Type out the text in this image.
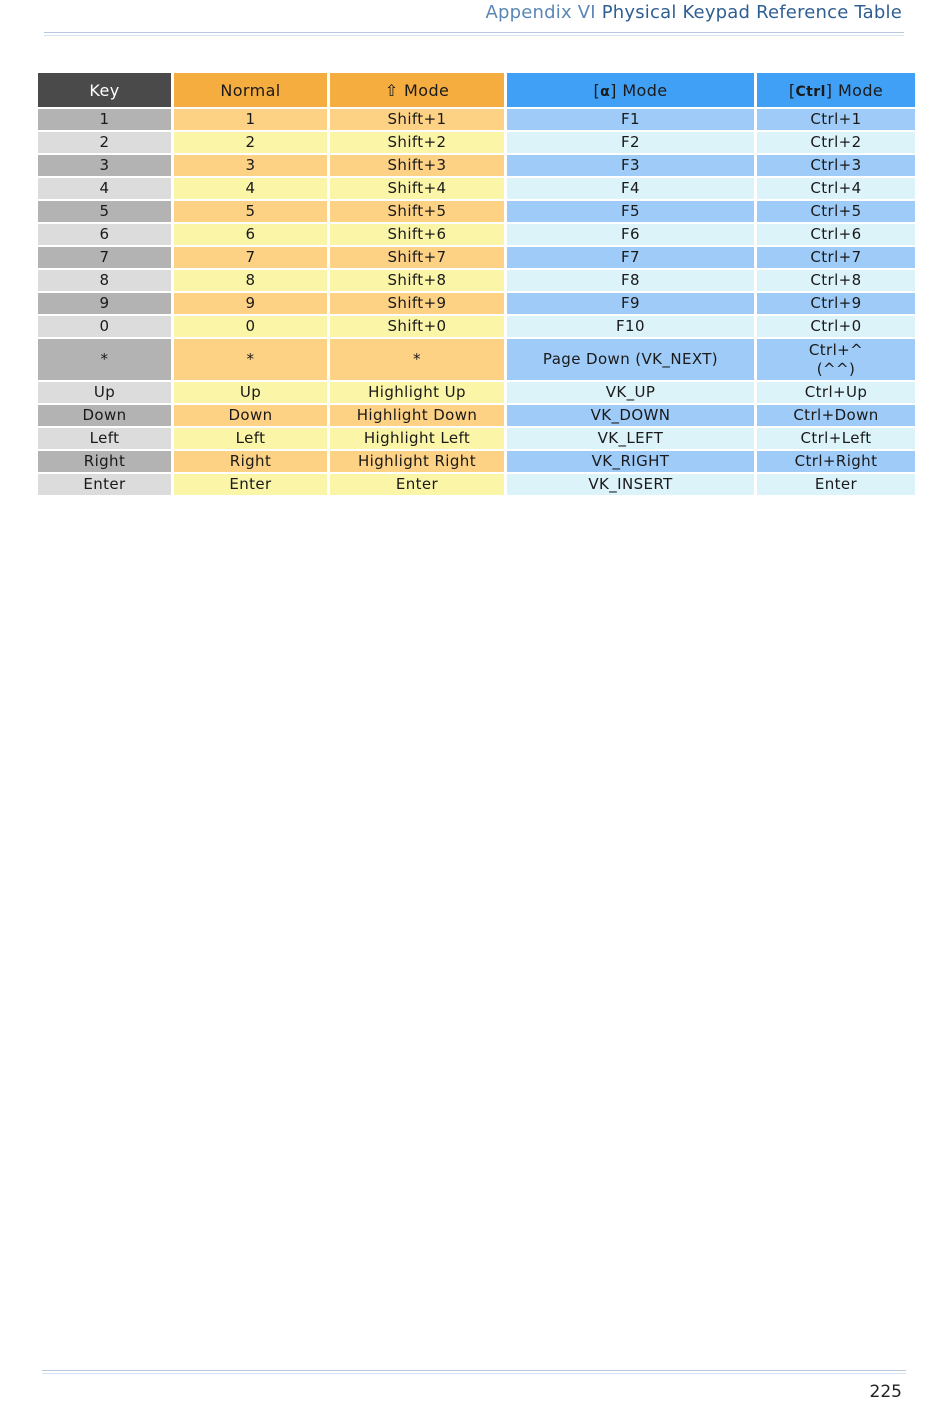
Appendix VI Physical Keypad Reference Table
Key	Normal	⇧ Mode	[α] Mode	[Ctrl] Mode
1	1	Shift+1	F1	Ctrl+1
2	2	Shift+2	F2	Ctrl+2
3	3	Shift+3	F3	Ctrl+3
4	4	Shift+4	F4	Ctrl+4
5	5	Shift+5	F5	Ctrl+5
6	6	Shift+6	F6	Ctrl+6
7	7	Shift+7	F7	Ctrl+7
8	8	Shift+8	F8	Ctrl+8
9	9	Shift+9	F9	Ctrl+9
0	0	Shift+0	F10	Ctrl+0
*	*	*	Page Down (VK_NEXT)	Ctrl+^
(^^)

Up	Up	Highlight Up	VK_UP	Ctrl+Up
Down	Down	Highlight Down	VK_DOWN	Ctrl+Down
Left	Left	Highlight Left	VK_LEFT	Ctrl+Left
Right	Right	Highlight Right	VK_RIGHT	Ctrl+Right
Enter	Enter	Enter	VK_INSERT	Enter
225
